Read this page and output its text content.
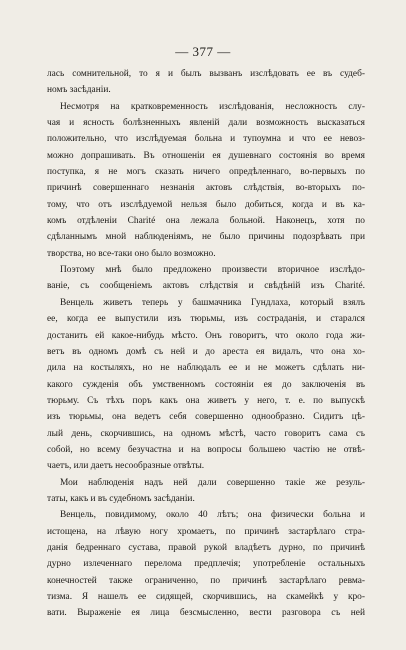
— 377 —
лась сомнительной, то я и былъ вызванъ изслѣдовать ее въ судеб-
номъ засѣданіи.
Несмотря на кратковременность изслѣдованія, несложность слу-
чая и ясность болѣзненныхъ явленій дали возможность высказаться
положительно, что изслѣдуемая больна и тупоумна и что ее невоз-
можно допрашивать. Въ отношеніи ея душевнаго состоянія во время
поступка, я не могъ сказать ничего опредѣленнаго, во-первыхъ по
причинѣ совершеннаго незнанія актовъ слѣдствія, во-вторыхъ по-
тому, что отъ изслѣдуемой нельзя было добиться, когда и въ ка-
комъ отдѣленіи Charité она лежала больной. Наконецъ, хотя по
сдѣланнымъ мной наблюденіямъ, не было причины подозрѣвать при
творства, но все-таки оно было возможно.
Поэтому мнѣ было предложено произвести вторичное изслѣдо-
ваніе, съ сообщеніемъ актовъ слѣдствія и свѣдѣній изъ Charité.
Венцель живетъ теперь у башмачника Гундлаха, который взялъ
ее, когда ее выпустили изъ тюрьмы, изъ состраданія, и старался
достанить ей какое-нибудь мѣсто. Онъ говоритъ, что около года жи-
ветъ въ одномъ домѣ съ ней и до ареста ея видалъ, что она хо-
дила на костыляхъ, но не наблюдалъ ее и не можетъ сдѣлать ни-
какого сужденія объ умственномъ состояніи ея до заключенія въ
тюрьму. Съ тѣхъ поръ какъ она живетъ у него, т. е. по выпускѣ
изъ тюрьмы, она ведетъ себя совершенно однообразно. Сидитъ цѣ-
лый день, скорчившись, на одномъ мѣстѣ, часто говоритъ сама съ
собой, но всему безучастна и на вопросы большею частію не отвѣ-
чаетъ, или даетъ несообразные отвѣты.
Мои наблюденія надъ ней дали совершенно такіе же резуль-
таты, какъ и въ судебномъ засѣданіи.
Венцель, повидимому, около 40 лѣтъ; она физически больна и
истощена, на лѣвую ногу хромаетъ, по причинѣ застарѣлаго стра-
данія бедреннаго сустава, правой рукой владѣетъ дурно, по причинѣ
дурно излеченнаго перелома предплечія; употребленіе остальныхъ
конечностей также ограниченно, по причинѣ застарѣлаго ревма-
тизма. Я нашелъ ее сидящей, скорчившись, на скамейкѣ у кро-
вати. Выраженіе ея лица безсмысленно, вести разговора съ ней
